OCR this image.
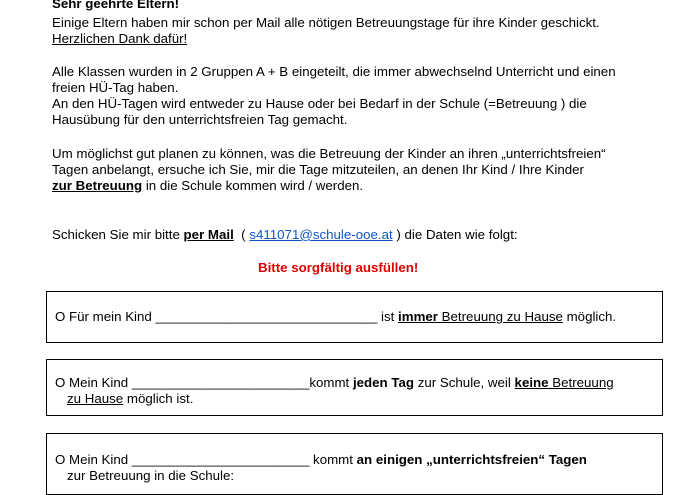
Sehr geehrte Eltern!

Einige Eltern haben mir schon per Mail alle nötigen Betreuungstage für ihre Kinder geschickt.

Herzlichen Dank dafür!

Alle Klassen wurden in 2 Gruppen A + B eingeteilt, die immer abwechselnd Unterricht und einen

freien HÜ-Tag haben.

An den HÜ-Tagen wird entweder zu Hause oder bei Bedarf in der Schule (=Betreuung ) die

Hausübung für den unterrichtsfreien Tag gemacht.

Um möglichst gut planen zu können, was die Betreuung der Kinder an ihren „unterrichtsfreien“

Tagen anbelangt, ersuche ich Sie, mir die Tage mitzuteilen, an denen Ihr Kind / Ihre Kinder

zur Betreuung in die Schule kommen wird / werden.

Schicken Sie mir bitte per Mail  ( s411071@schule-ooe.at ) die Daten wie folgt:

Bitte sorgfältig ausfüllen!

O Für mein Kind ______________________________ ist immer Betreuung zu Hause möglich.
O Mein Kind ________________________kommt jeden Tag zur Schule, weil keine Betreuung
zu Hause möglich ist.
O Mein Kind ________________________ kommt an einigen „unterrichtsfreien“ Tagen
zur Betreuung in die Schule:
